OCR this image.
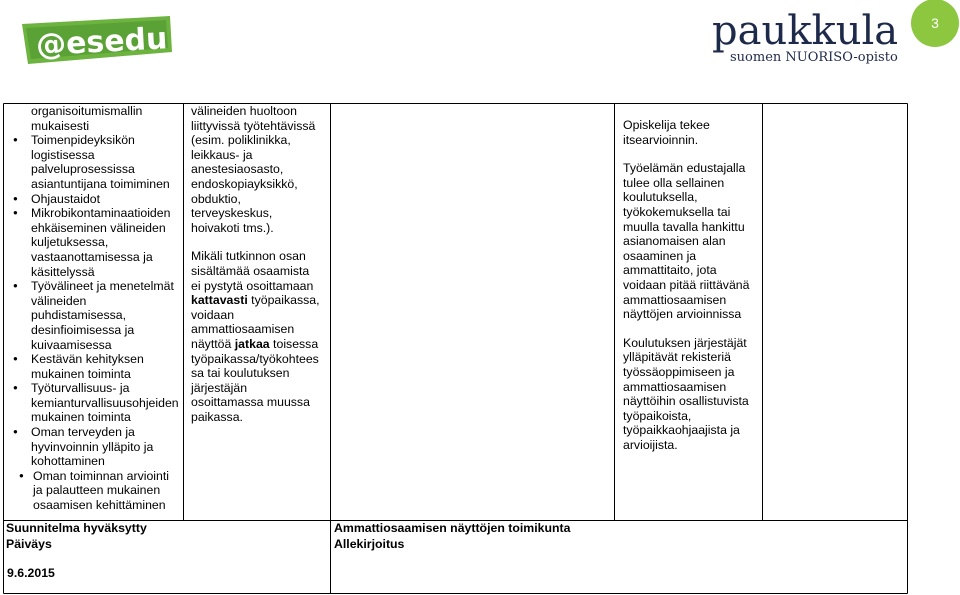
@esedu	paukkula
suomen NUORISO-opisto
3
organisoitumismallin
mukaisesti
● Toimenpideyksikön
logistisessa
palveluprosessissa
asiantuntijana toimiminen
● Ohjaustaidot
● Mikrobikontaminaatioiden
ehkäiseminen välineiden
kuljetuksessa,
vastaanottamisessa ja
käsittelyssä
● Työvälineet ja menetelmät
välineiden
puhdistamisessa,
desinfioimisessa ja
kuivaamisessa
● Kestävän kehityksen
mukainen toiminta
● Työturvallisuus- ja
kemianturvallisuusohjeiden
mukainen toiminta
● Oman terveyden ja
hyvinvoinnin ylläpito ja
kohottaminen
● Oman toiminnan arviointi
ja palautteen mukainen
osaamisen kehittäminen
välineiden huoltoon
liittyvissä työtehtävissä
(esim. poliklinikka,
leikkaus- ja
anestesiaosasto,
endoskopiayksikkö,
obduktio,
terveyskeskus,
hoivakoti tms.).
Mikäli tutkinnon osan
sisältämää osaamista
ei pystytä osoittamaan
kattavasti työpaikassa,
voidaan
ammattiosaamisen
näyttöä jatkaa toisessa
työpaikassa/työkohtees
sa tai koulutuksen
järjestäjän
osoittamassa muussa
paikassa.
Opiskelija tekee
itsearvioinnin.
Työelämän edustajalla
tulee olla sellainen
koulutuksella,
työkokemuksella tai
muulla tavalla hankittu
asianomaisen alan
osaaminen ja
ammattitaito, jota
voidaan pitää riittävänä
ammattiosaamisen
näyttöjen arvioinnissa
Koulutuksen järjestäjät
ylläpitävät rekisteriä
työssäoppimiseen ja
ammattiosaamisen
näyttöihin osallistuvista
työpaikoista,
työpaikkaohjaajista ja
arvioijista.
Suunnitelma hyväksytty
Päiväys
9.6.2015
Ammattiosaamisen näyttöjen toimikunta
Allekirjoitus
